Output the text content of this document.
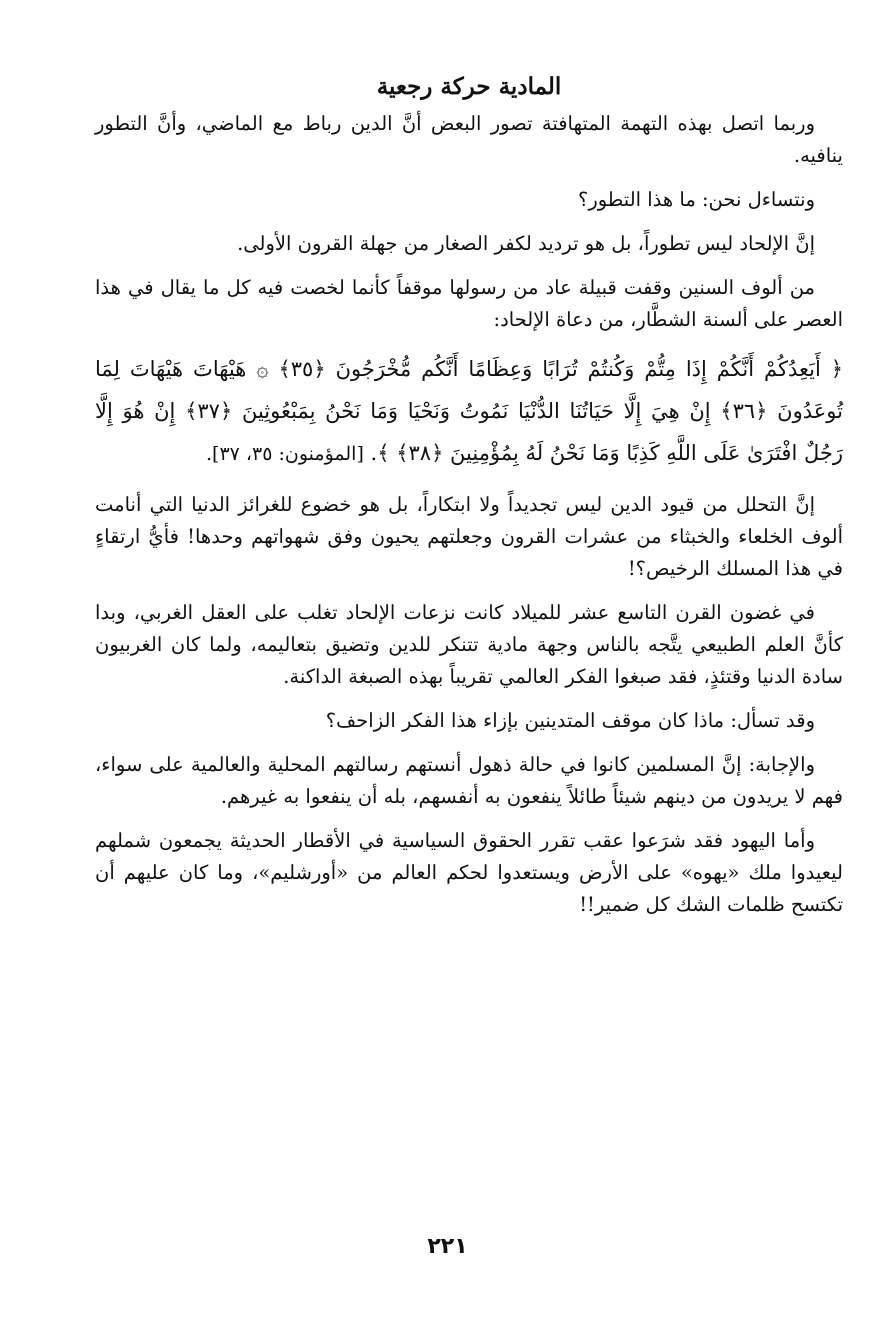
المادية حركة رجعية

وربما اتصل بهذه التهمة المتهافتة تصور البعض أنَّ الدين رباط مع الماضي، وأنَّ التطور ينافيه.

ونتساءل نحن: ما هذا التطور؟

إنَّ الإلحاد ليس تطوراً، بل هو ترديد لكفر الصغار من جهلة القرون الأولى.

من ألوف السنين وقفت قبيلة عاد من رسولها موقفاً كأنما لخصت فيه كل ما يقال في هذا العصر على ألسنة الشطَّار، من دعاة الإلحاد:

﴿ أَيَعِدُكُمْ أَنَّكُمْ إِذَا مِتُّمْ وَكُنتُمْ تُرَابًا وَعِظَامًا أَنَّكُم مُّخْرَجُونَ ﴿٣٥﴾ ۞ هَيْهَاتَ هَيْهَاتَ لِمَا تُوعَدُونَ ﴿٣٦﴾ إِنْ هِيَ إِلَّا حَيَاتُنَا الدُّنْيَا نَمُوتُ وَنَحْيَا وَمَا نَحْنُ بِمَبْعُوثِينَ ﴿٣٧﴾ إِنْ هُوَ إِلَّا رَجُلٌ افْتَرَىٰ عَلَى اللَّهِ كَذِبًا وَمَا نَحْنُ لَهُ بِمُؤْمِنِينَ ﴿٣٨﴾ ﴾. [المؤمنون: ٣٥، ٣٧].

إنَّ التحلل من قيود الدين ليس تجديداً ولا ابتكاراً، بل هو خضوع للغرائز الدنيا التي أنامت ألوف الخلعاء والخبثاء من عشرات القرون وجعلتهم يحيون وفق شهواتهم وحدها! فأيُّ ارتقاءٍ في هذا المسلك الرخيص؟!

في غضون القرن التاسع عشر للميلاد كانت نزعات الإلحاد تغلب على العقل الغربي، وبدا كأنَّ العلم الطبيعي يتَّجه بالناس وجهة مادية تتنكر للدين وتضيق بتعاليمه، ولما كان الغربيون سادة الدنيا وقتئذٍ، فقد صبغوا الفكر العالمي تقريباً بهذه الصبغة الداكنة.

وقد تسأل: ماذا كان موقف المتدينين بإزاء هذا الفكر الزاحف؟

والإجابة: إنَّ المسلمين كانوا في حالة ذهول أنستهم رسالتهم المحلية والعالمية على سواء، فهم لا يريدون من دينهم شيئاً طائلاً ينفعون به أنفسهم، بله أن ينفعوا به غيرهم.

وأما اليهود فقد شرَعوا عقب تقرر الحقوق السياسية في الأقطار الحديثة يجمعون شملهم ليعيدوا ملك «يهوه» على الأرض ويستعدوا لحكم العالم من «أورشليم»، وما كان عليهم أن تكتسح ظلمات الشك كل ضمير!!

٢٢١
